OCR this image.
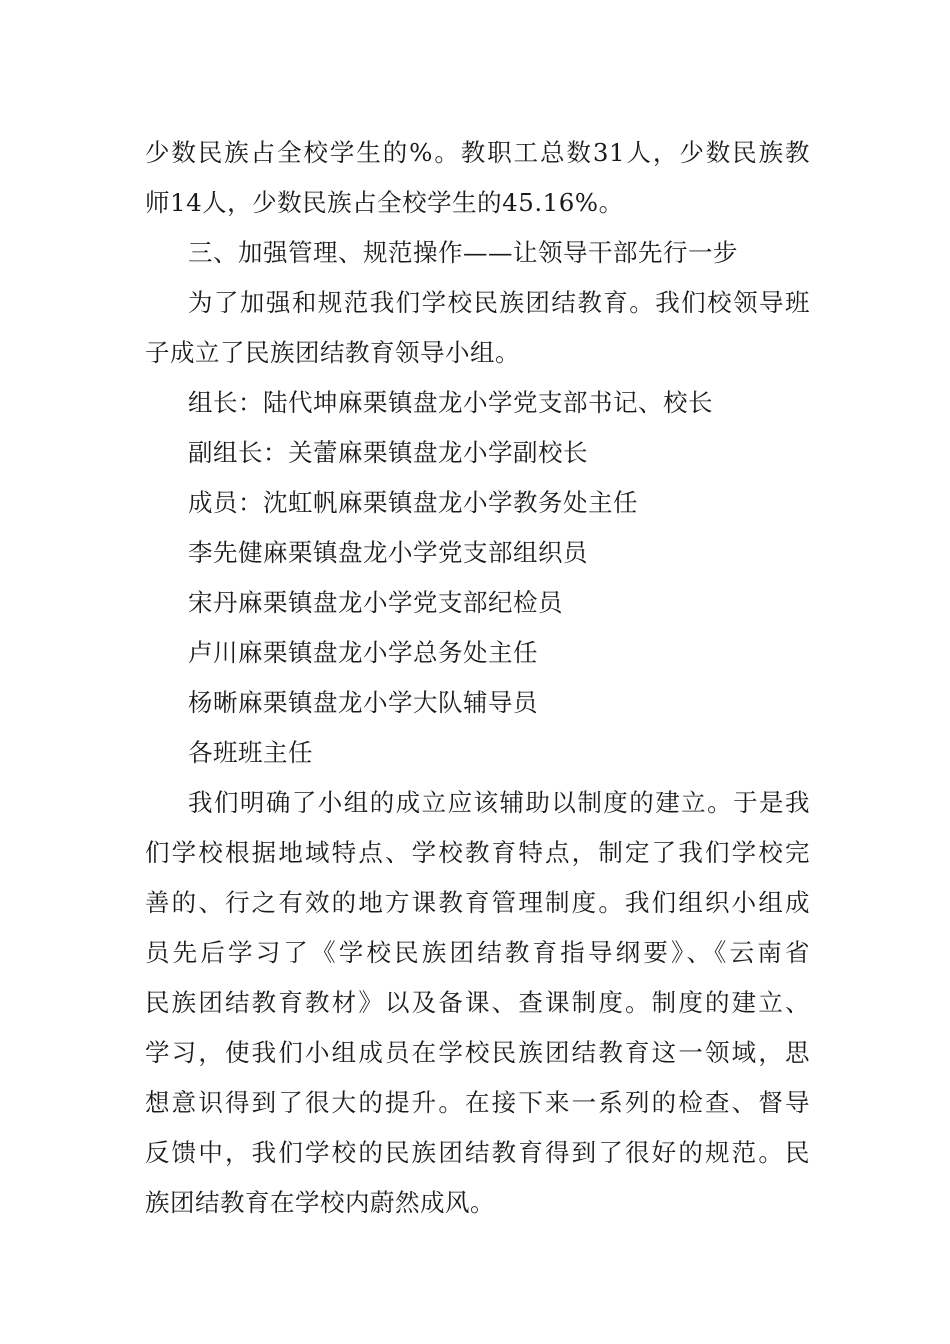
少数民族占全校学生的%。教职工总数31人，少数民族教
师14人，少数民族占全校学生的45.16%。
三、加强管理、规范操作——让领导干部先行一步
为了加强和规范我们学校民族团结教育。我们校领导班
子成立了民族团结教育领导小组。
组长：陆代坤麻栗镇盘龙小学党支部书记、校长
副组长：关蕾麻栗镇盘龙小学副校长
成员：沈虹帆麻栗镇盘龙小学教务处主任
李先健麻栗镇盘龙小学党支部组织员
宋丹麻栗镇盘龙小学党支部纪检员
卢川麻栗镇盘龙小学总务处主任
杨晰麻栗镇盘龙小学大队辅导员
各班班主任
我们明确了小组的成立应该辅助以制度的建立。于是我
们学校根据地域特点、学校教育特点，制定了我们学校完
善的、行之有效的地方课教育管理制度。我们组织小组成
员先后学习了《学校民族团结教育指导纲要》、《云南省
民族团结教育教材》以及备课、查课制度。制度的建立、
学习，使我们小组成员在学校民族团结教育这一领域，思
想意识得到了很大的提升。在接下来一系列的检查、督导
反馈中，我们学校的民族团结教育得到了很好的规范。民
族团结教育在学校内蔚然成风。
